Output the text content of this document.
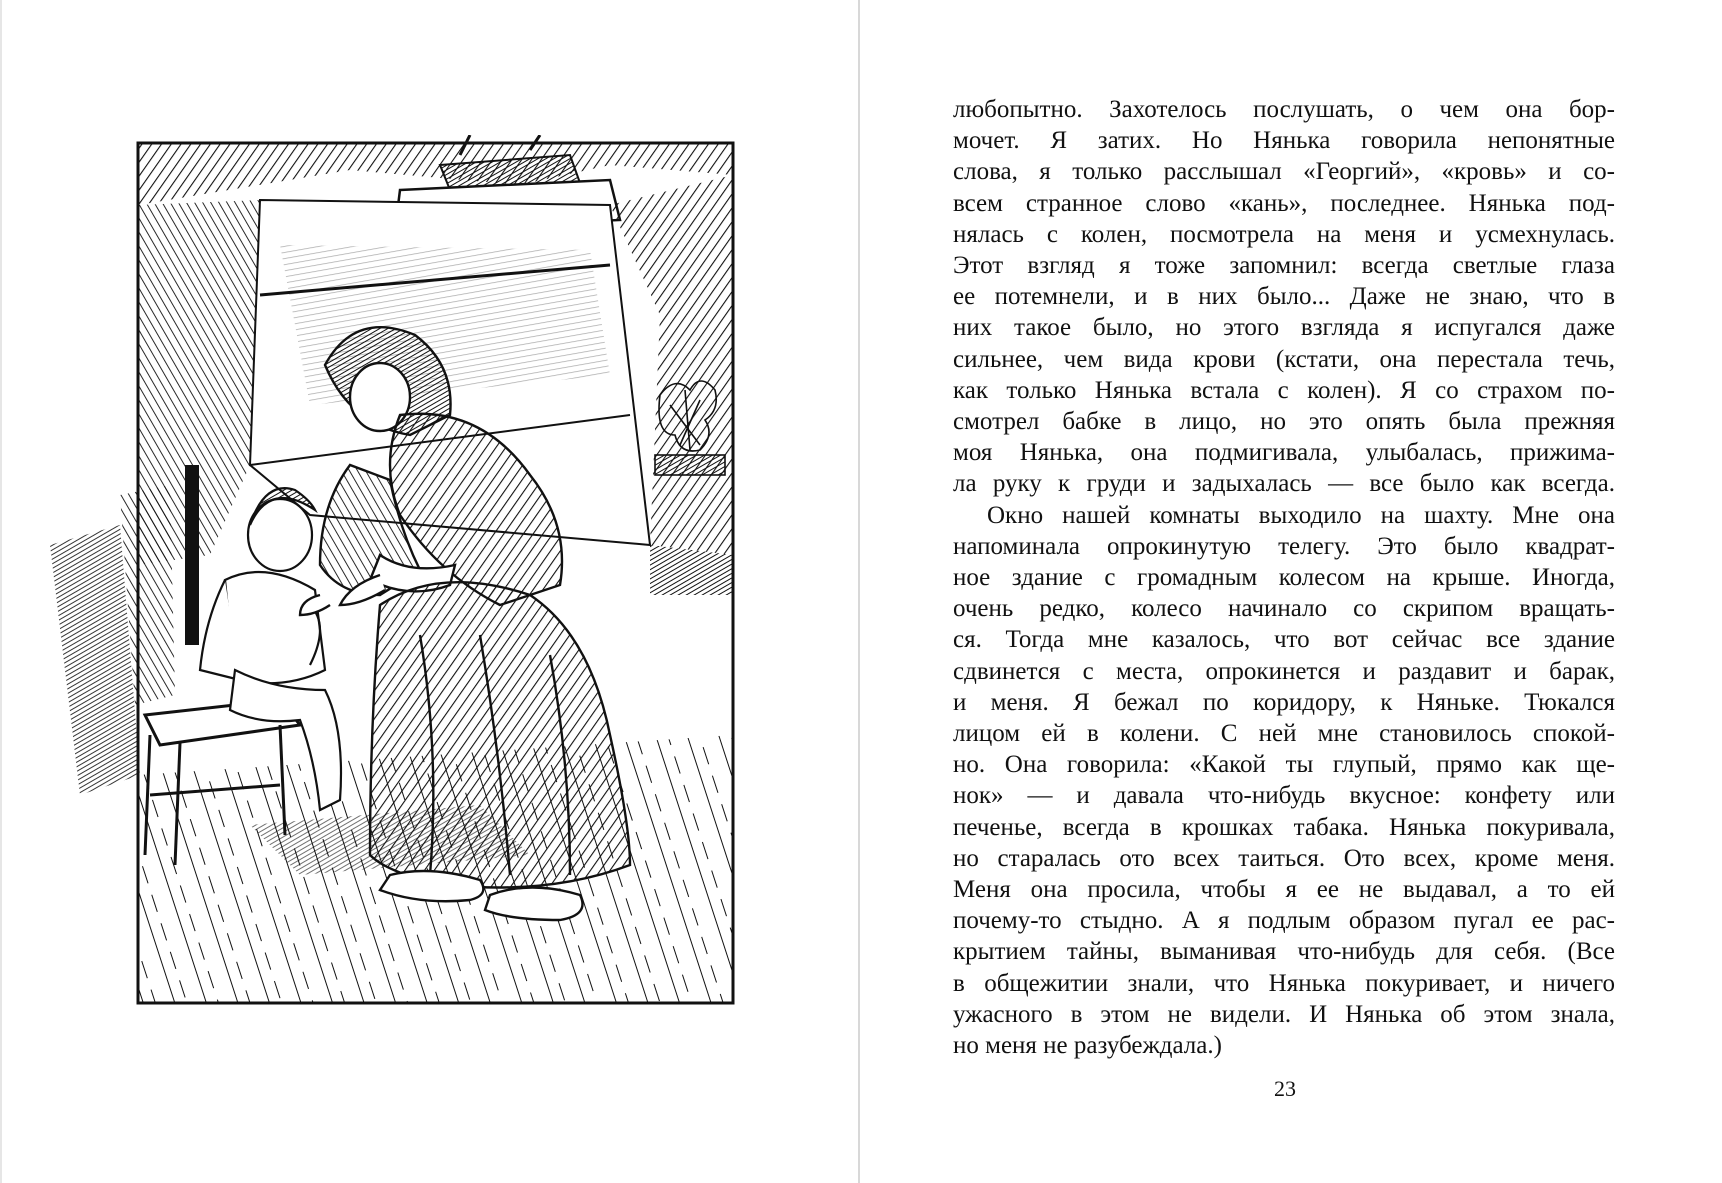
любопытно. Захотелось послушать, о чем она бор-
мочет. Я затих. Но Нянька говорила непонятные
слова, я только расслышал «Георгий», «кровь» и со-
всем странное слово «кань», последнее. Нянька под-
нялась с колен, посмотрела на меня и усмехнулась.
Этот взгляд я тоже запомнил: всегда светлые глаза
ее потемнели, и в них было... Даже не знаю, что в
них такое было, но этого взгляда я испугался даже
сильнее, чем вида крови (кстати, она перестала течь,
как только Нянька встала с колен). Я со страхом по-
смотрел бабке в лицо, но это опять была прежняя
моя Нянька, она подмигивала, улыбалась, прижима-
ла руку к груди и задыхалась — все было как всегда.
Окно нашей комнаты выходило на шахту. Мне она
напоминала опрокинутую телегу. Это было квадрат-
ное здание с громадным колесом на крыше. Иногда,
очень редко, колесо начинало со скрипом вращать-
ся. Тогда мне казалось, что вот сейчас все здание
сдвинется с места, опрокинется и раздавит и барак,
и меня. Я бежал по коридору, к Няньке. Тюкался
лицом ей в колени. С ней мне становилось спокой-
но. Она говорила: «Какой ты глупый, прямо как ще-
нок» — и давала что-нибудь вкусное: конфету или
печенье, всегда в крошках табака. Нянька покуривала,
но старалась ото всех таиться. Ото всех, кроме меня.
Меня она просила, чтобы я ее не выдавал, а то ей
почему-то стыдно. А я подлым образом пугал ее рас-
крытием тайны, выманивая что-нибудь для себя. (Все
в общежитии знали, что Нянька покуривает, и ничего
ужасного в этом не видели. И Нянька об этом знала,
но меня не разубеждала.)
23
